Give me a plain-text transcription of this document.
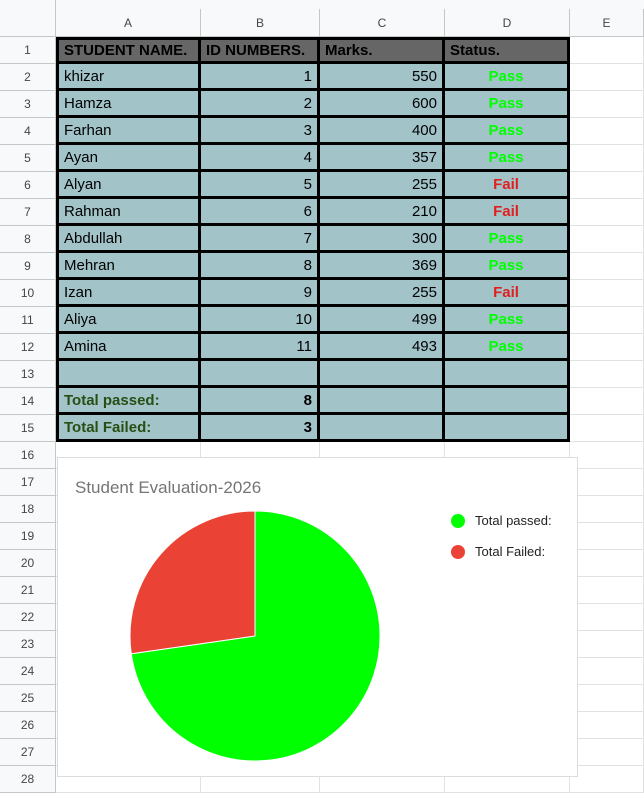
A	B	C	D	E
1
2
3
4
5
6
7
8
9
10
11
12
13
14
15
16
17
18
19
20
21
22
23
24
25
26
27
28
STUDENT NAME.	ID NUMBERS.	Marks.	Status.
khizar	1	550	Pass
Hamza	2	600	Pass
Farhan	3	400	Pass
Ayan	4	357	Pass
Alyan	5	255	Fail
Rahman	6	210	Fail
Abdullah	7	300	Pass
Mehran	8	369	Pass
Izan	9	255	Fail
Aliya	10	499	Pass
Amina	11	493	Pass
Total passed:	8
Total Failed:	3
Student Evaluation-2026
Total passed:
Total Failed:
